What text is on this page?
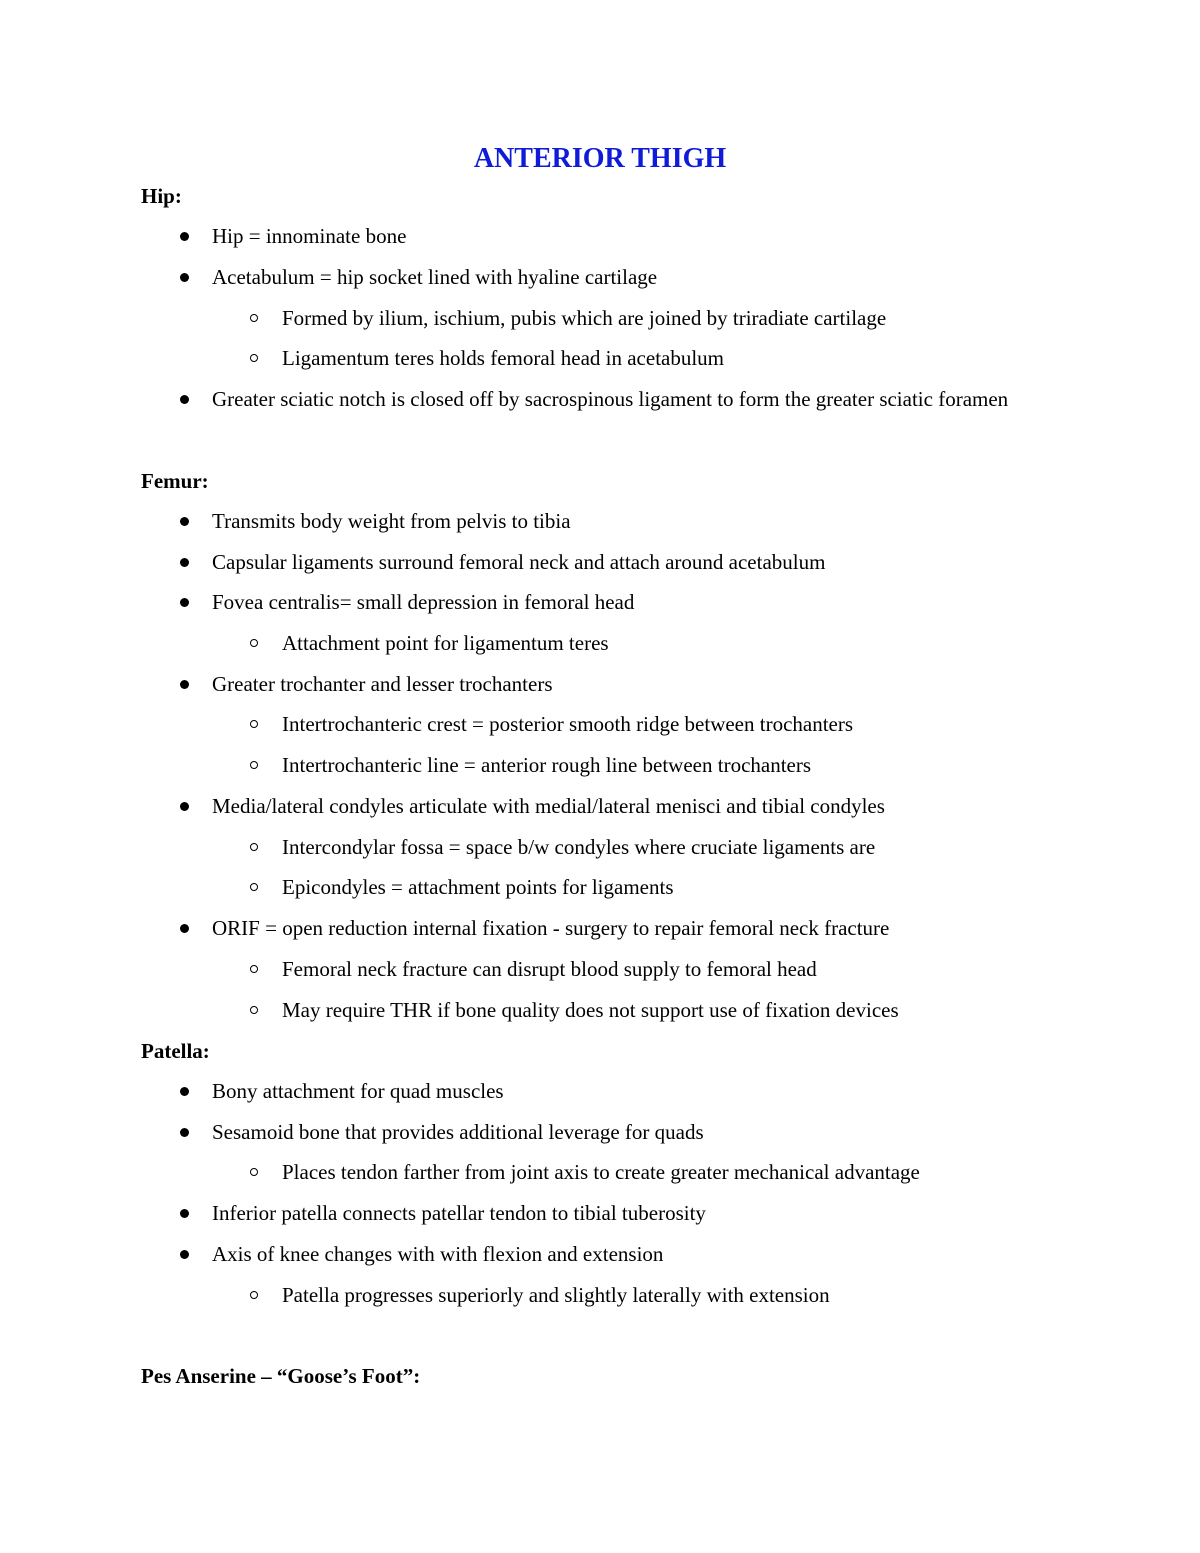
ANTERIOR THIGH
Hip:
Hip = innominate bone
Acetabulum = hip socket lined with hyaline cartilage
Formed by ilium, ischium, pubis which are joined by triradiate cartilage
Ligamentum teres holds femoral head in acetabulum
Greater sciatic notch is closed off by sacrospinous ligament to form the greater sciatic foramen
Femur:
Transmits body weight from pelvis to tibia
Capsular ligaments surround femoral neck and attach around acetabulum
Fovea centralis= small depression in femoral head
Attachment point for ligamentum teres
Greater trochanter and lesser trochanters
Intertrochanteric crest = posterior smooth ridge between trochanters
Intertrochanteric line = anterior rough line between trochanters
Media/lateral condyles articulate with medial/lateral menisci and tibial condyles
Intercondylar fossa = space b/w condyles where cruciate ligaments are
Epicondyles = attachment points for ligaments
ORIF = open reduction internal fixation - surgery to repair femoral neck fracture
Femoral neck fracture can disrupt blood supply to femoral head
May require THR if bone quality does not support use of fixation devices
Patella:
Bony attachment for quad muscles
Sesamoid bone that provides additional leverage for quads
Places tendon farther from joint axis to create greater mechanical advantage
Inferior patella connects patellar tendon to tibial tuberosity
Axis of knee changes with with flexion and extension
Patella progresses superiorly and slightly laterally with extension
Pes Anserine – “Goose’s Foot”:
